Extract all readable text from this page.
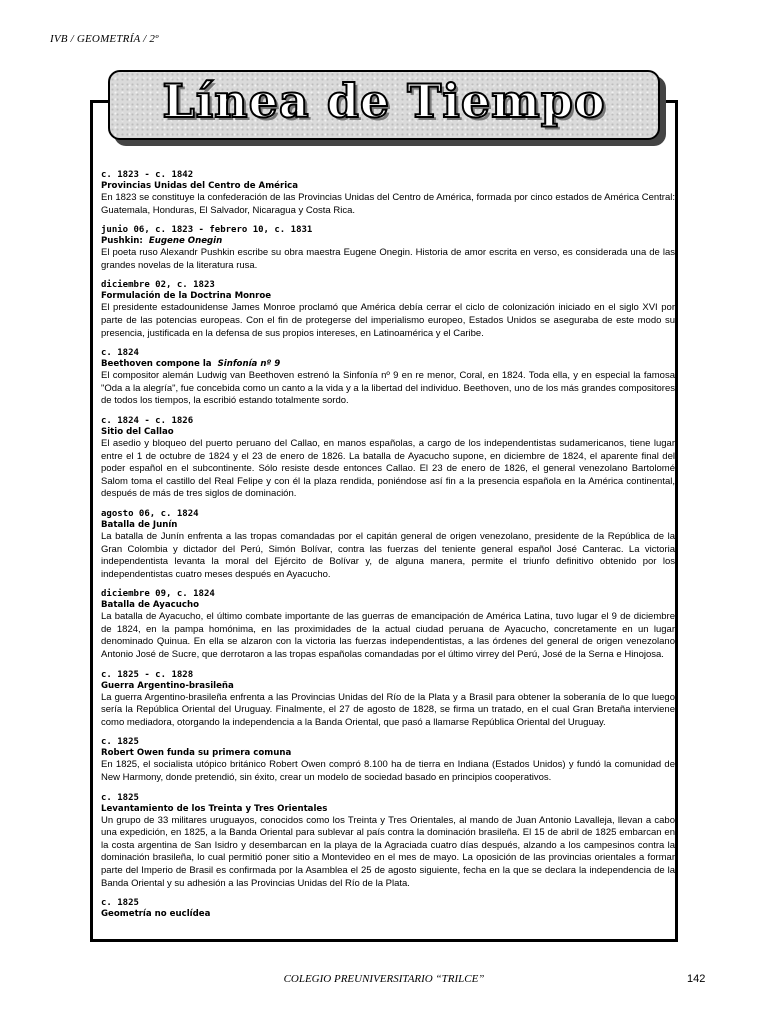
IVB / GEOMETRÍA / 2º
Línea de Tiempo
c. 1823 - c. 1842
Provincias Unidas del Centro de América
En 1823 se constituye la confederación de las Provincias Unidas del Centro de América, formada por cinco estados de América Central: Guatemala, Honduras, El Salvador, Nicaragua y Costa Rica.
junio 06, c. 1823 - febrero 10, c. 1831
Pushkin: Eugene Onegin
El poeta ruso Alexandr Pushkin escribe su obra maestra Eugene Onegin. Historia de amor escrita en verso, es considerada una de las grandes novelas de la literatura rusa.
diciembre 02, c. 1823
Formulación de la Doctrina Monroe
El presidente estadounidense James Monroe proclamó que América debía cerrar el ciclo de colonización iniciado en el siglo XVI por parte de las potencias europeas. Con el fin de protegerse del imperialismo europeo, Estados Unidos se aseguraba de este modo su presencia, justificada en la defensa de sus propios intereses, en Latinoamérica y el Caribe.
c. 1824
Beethoven compone la Sinfonía nº 9
El compositor alemán Ludwig van Beethoven estrenó la Sinfonía nº 9 en re menor, Coral, en 1824. Toda ella, y en especial la famosa "Oda a la alegría", fue concebida como un canto a la vida y a la libertad del individuo. Beethoven, uno de los más grandes compositores de todos los tiempos, la escribió estando totalmente sordo.
c. 1824 - c. 1826
Sitio del Callao
El asedio y bloqueo del puerto peruano del Callao, en manos españolas, a cargo de los independentistas sudamericanos, tiene lugar entre el 1 de octubre de 1824 y el 23 de enero de 1826. La batalla de Ayacucho supone, en diciembre de 1824, el aparente final del poder español en el subcontinente. Sólo resiste desde entonces Callao. El 23 de enero de 1826, el general venezolano Bartolomé Salom toma el castillo del Real Felipe y con él la plaza rendida, poniéndose así fin a la presencia española en la América continental, después de más de tres siglos de dominación.
agosto 06, c. 1824
Batalla de Junín
La batalla de Junín enfrenta a las tropas comandadas por el capitán general de origen venezolano, presidente de la República de la Gran Colombia y dictador del Perú, Simón Bolívar, contra las fuerzas del teniente general español José Canterac. La victoria independentista levanta la moral del Ejército de Bolívar y, de alguna manera, permite el triunfo definitivo obtenido por los independentistas cuatro meses después en Ayacucho.
diciembre 09, c. 1824
Batalla de Ayacucho
La batalla de Ayacucho, el último combate importante de las guerras de emancipación de América Latina, tuvo lugar el 9 de diciembre de 1824, en la pampa homónima, en las proximidades de la actual ciudad peruana de Ayacucho, concretamente en un lugar denominado Quinua. En ella se alzaron con la victoria las fuerzas independentistas, a las órdenes del general de origen venezolano Antonio José de Sucre, que derrotaron a las tropas españolas comandadas por el último virrey del Perú, José de la Serna e Hinojosa.
c. 1825 - c. 1828
Guerra Argentino-brasileña
La guerra Argentino-brasileña enfrenta a las Provincias Unidas del Río de la Plata y a Brasil para obtener la soberanía de lo que luego sería la República Oriental del Uruguay. Finalmente, el 27 de agosto de 1828, se firma un tratado, en el cual Gran Bretaña interviene como mediadora, otorgando la independencia a la Banda Oriental, que pasó a llamarse República Oriental del Uruguay.
c. 1825
Robert Owen funda su primera comuna
En 1825, el socialista utópico británico Robert Owen compró 8.100 ha de tierra en Indiana (Estados Unidos) y fundó la comunidad de New Harmony, donde pretendió, sin éxito, crear un modelo de sociedad basado en principios cooperativos.
c. 1825
Levantamiento de los Treinta y Tres Orientales
Un grupo de 33 militares uruguayos, conocidos como los Treinta y Tres Orientales, al mando de Juan Antonio Lavalleja, llevan a cabo una expedición, en 1825, a la Banda Oriental para sublevar al país contra la dominación brasileña. El 15 de abril de 1825 embarcan en la costa argentina de San Isidro y desembarcan en la playa de la Agraciada cuatro días después, alzando a los campesinos contra la dominación brasileña, lo cual permitió poner sitio a Montevideo en el mes de mayo. La oposición de las provincias orientales a formar parte del Imperio de Brasil es confirmada por la Asamblea el 25 de agosto siguiente, fecha en la que se declara la independencia de la Banda Oriental y su adhesión a las Provincias Unidas del Río de la Plata.
c. 1825
Geometría no euclídea
COLEGIO PREUNIVERSITARIO “TRILCE”	142
